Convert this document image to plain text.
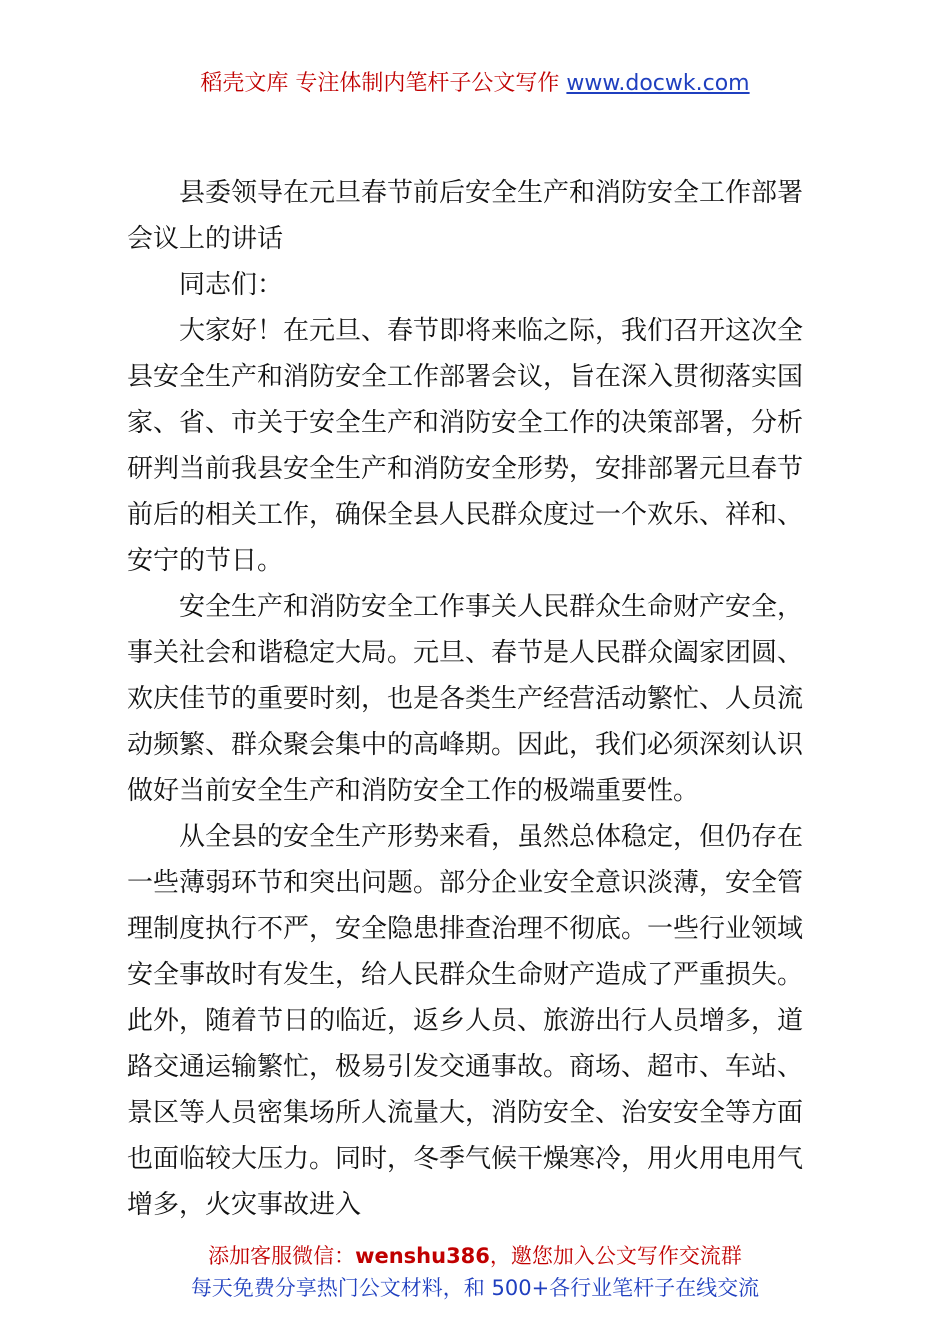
稻壳文库 专注体制内笔杆子公文写作 www.docwk.com

县委领导在元旦春节前后安全生产和消防安全工作部署会议上的讲话

同志们：

大家好！在元旦、春节即将来临之际，我们召开这次全县安全生产和消防安全工作部署会议，旨在深入贯彻落实国家、省、市关于安全生产和消防安全工作的决策部署，分析研判当前我县安全生产和消防安全形势，安排部署元旦春节前后的相关工作，确保全县人民群众度过一个欢乐、祥和、安宁的节日。

安全生产和消防安全工作事关人民群众生命财产安全，事关社会和谐稳定大局。元旦、春节是人民群众阖家团圆、欢庆佳节的重要时刻，也是各类生产经营活动繁忙、人员流动频繁、群众聚会集中的高峰期。因此，我们必须深刻认识做好当前安全生产和消防安全工作的极端重要性。

从全县的安全生产形势来看，虽然总体稳定，但仍存在一些薄弱环节和突出问题。部分企业安全意识淡薄，安全管理制度执行不严，安全隐患排查治理不彻底。一些行业领域安全事故时有发生，给人民群众生命财产造成了严重损失。此外，随着节日的临近，返乡人员、旅游出行人员增多，道路交通运输繁忙，极易引发交通事故。商场、超市、车站、景区等人员密集场所人流量大，消防安全、治安安全等方面也面临较大压力。同时，冬季气候干燥寒冷，用火用电用气增多，火灾事故进入

添加客服微信：wenshu386，邀您加入公文写作交流群
每天免费分享热门公文材料，和 500+各行业笔杆子在线交流
